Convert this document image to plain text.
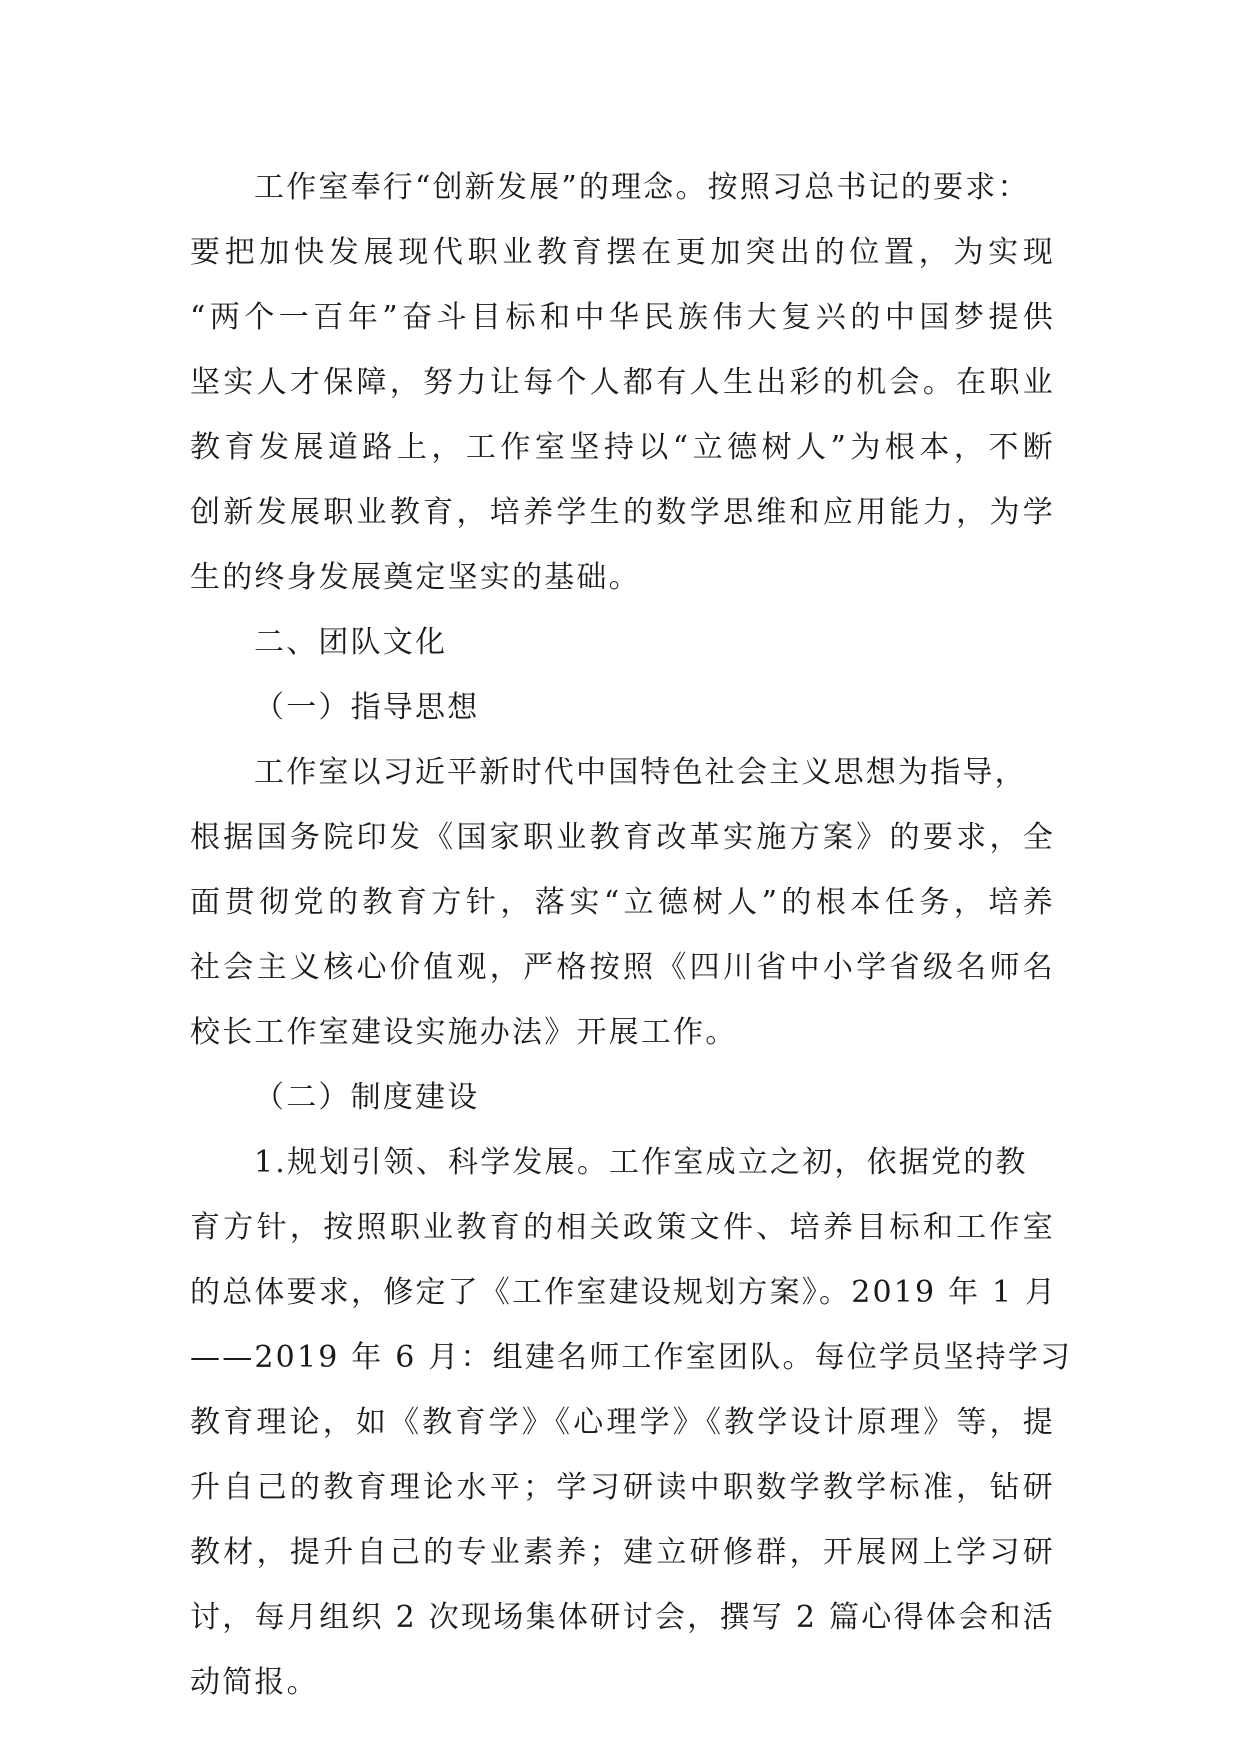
工作室奉行“创新发展”的理念。按照习总书记的要求：
要把加快发展现代职业教育摆在更加突出的位置，为实现
“两个一百年”奋斗目标和中华民族伟大复兴的中国梦提供
坚实人才保障，努力让每个人都有人生出彩的机会。在职业
教育发展道路上，工作室坚持以“立德树人”为根本，不断
创新发展职业教育，培养学生的数学思维和应用能力，为学
生的终身发展奠定坚实的基础。
二、团队文化
（一）指导思想
工作室以习近平新时代中国特色社会主义思想为指导，
根据国务院印发《国家职业教育改革实施方案》的要求，全
面贯彻党的教育方针，落实“立德树人”的根本任务，培养
社会主义核心价值观，严格按照《四川省中小学省级名师名
校长工作室建设实施办法》开展工作。
（二）制度建设
1.规划引领、科学发展。工作室成立之初，依据党的教
育方针，按照职业教育的相关政策文件、培养目标和工作室
的总体要求，修定了《工作室建设规划方案》。2019 年 1 月
——2019 年 6 月：组建名师工作室团队。每位学员坚持学习
教育理论，如《教育学》《心理学》《教学设计原理》等，提
升自己的教育理论水平；学习研读中职数学教学标准，钻研
教材，提升自己的专业素养；建立研修群，开展网上学习研
讨，每月组织 2 次现场集体研讨会，撰写 2 篇心得体会和活
动简报。
